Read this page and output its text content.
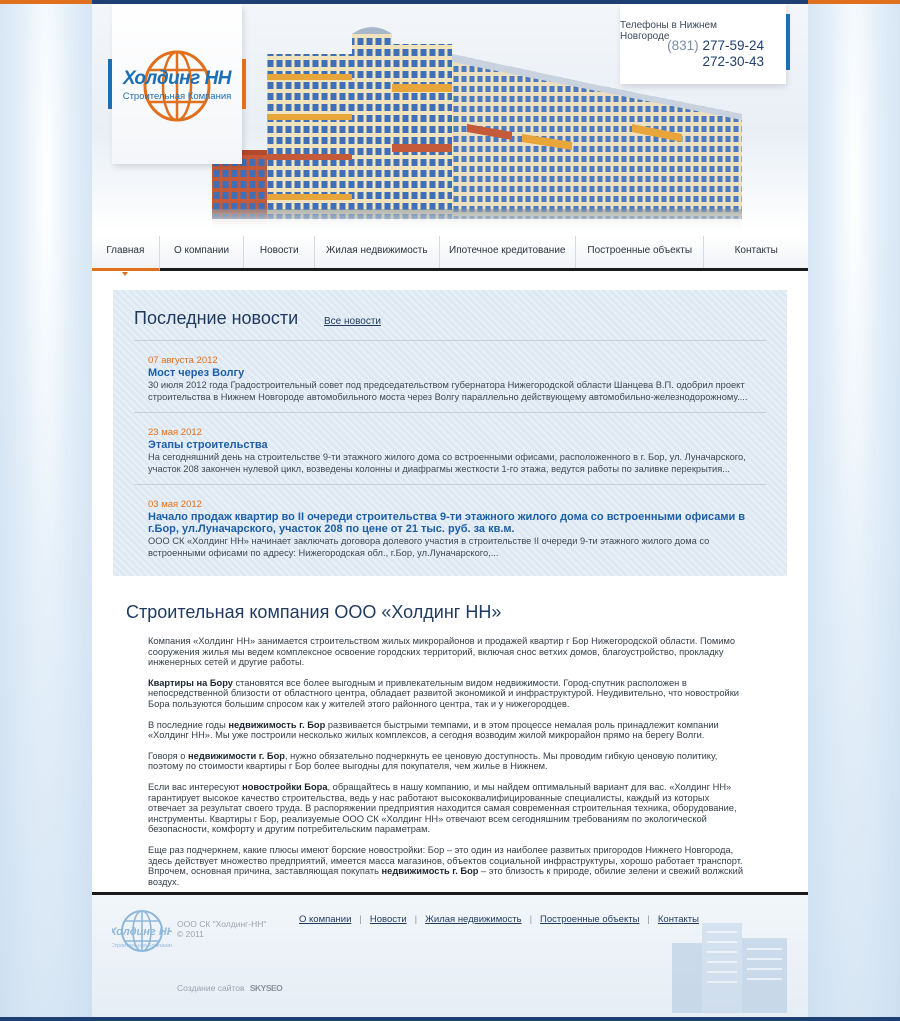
Холдинг НН
Строительная Компания
Телефоны в Нижнем Новгороде
(831) 277-59-24
272-30-43
Главная	О компании	Новости	Жилая недвижимость	Ипотечное кредитование	Построенные объекты	Контакты
Последние новости	Все новости
07 августа 2012
Мост через Волгу
30 июля 2012 года Градостроительный совет под председательством губернатора Нижегородской области Шанцева В.П. одобрил проект строительства в Нижнем Новгороде автомобильного моста через Волгу параллельно действующему автомобильно-железнодорожному....
23 мая 2012
Этапы строительства
На сегодняшний день на строительстве 9-ти этажного жилого дома со встроенными офисами, расположенного в г. Бор, ул. Луначарского, участок 208 закончен нулевой цикл, возведены колонны и диафрагмы жесткости 1-го этажа, ведутся работы по заливке перекрытия...
03 мая 2012
Начало продаж квартир во II очереди строительства 9-ти этажного жилого дома со встроенными офисами в г.Бор, ул.Луначарского, участок 208 по цене от 21 тыс. руб. за кв.м.
ООО СК «Холдинг НН» начинает заключать договора долевого участия в строительстве II очереди 9-ти этажного жилого дома со встроенными офисами по адресу: Нижегородская обл., г.Бор, ул.Луначарского,...
Строительная компания ООО «Холдинг НН»

Компания «Холдинг НН» занимается строительством жилых микрорайонов и продажей квартир г Бор Нижегородской области. Помимо сооружения жилья мы ведем комплексное освоение городских территорий, включая снос ветхих домов, благоустройство, прокладку инженерных сетей и другие работы.

Квартиры на Бору становятся все более выгодным и привлекательным видом недвижимости. Город-спутник расположен в непосредственной близости от областного центра, обладает развитой экономикой и инфраструктурой. Неудивительно, что новостройки Бора пользуются большим спросом как у жителей этого районного центра, так и у нижегородцев.

В последние годы недвижимость г. Бор развивается быстрыми темпами, и в этом процессе немалая роль принадлежит компании «Холдинг НН». Мы уже построили несколько жилых комплексов, а сегодня возводим жилой микрорайон прямо на берегу Волги.

Говоря о недвижимости г. Бор, нужно обязательно подчеркнуть ее ценовую доступность. Мы проводим гибкую ценовую политику, поэтому по стоимости квартиры г Бор более выгодны для покупателя, чем жилье в Нижнем.

Если вас интересуют новостройки Бора, обращайтесь в нашу компанию, и мы найдем оптимальный вариант для вас. «Холдинг НН» гарантирует высокое качество строительства, ведь у нас работают высококвалифицированные специалисты, каждый из которых отвечает за результат своего труда. В распоряжении предприятия находится самая современная строительная техника, оборудование, инструменты. Квартиры г Бор, реализуемые ООО СК «Холдинг НН» отвечают всем сегодняшним требованиям по экологической безопасности, комфорту и другим потребительским параметрам.

Еще раз подчеркнем, какие плюсы имеют борские новостройки: Бор – это один из наиболее развитых пригородов Нижнего Новгорода, здесь действует множество предприятий, имеется масса магазинов, объектов социальной инфраструктуры, хорошо работает транспорт. Впрочем, основная причина, заставляющая покупать недвижимость г. Бор – это близость к природе, обилие зелени и свежий волжский воздух.

Холдинг НН
Строительная Компания
ООО СК "Холдинг-НН"
© 2011
О компании | Новости | Жилая недвижимость | Построенные объекты | Контакты
Создание сайтов SKYSEO
